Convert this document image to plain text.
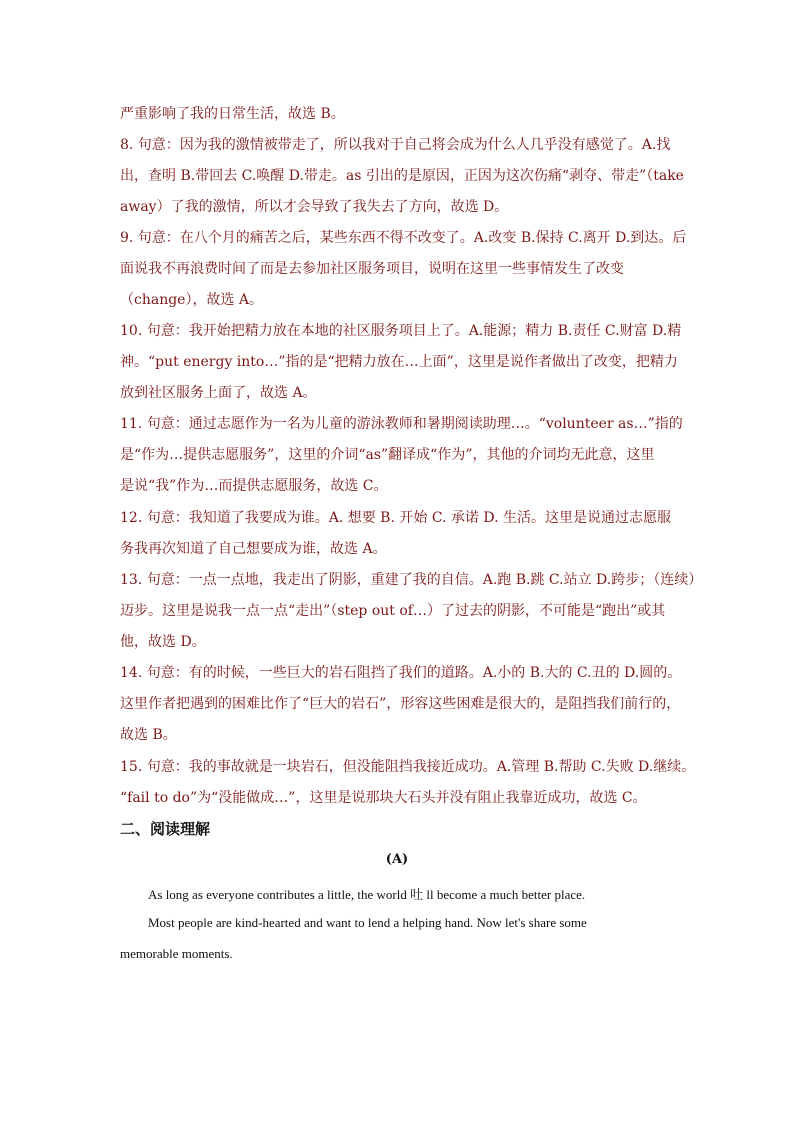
严重影响了我的日常生活，故选 B。
8. 句意：因为我的激情被带走了，所以我对于自己将会成为什么人几乎没有感觉了。A.找
出，查明 B.带回去 C.唤醒 D.带走。as 引出的是原因，正因为这次伤痛“剥夺、带走”（take
away）了我的激情，所以才会导致了我失去了方向，故选 D。
9. 句意：在八个月的痛苦之后，某些东西不得不改变了。A.改变 B.保持 C.离开 D.到达。后
面说我不再浪费时间了而是去参加社区服务项目，说明在这里一些事情发生了改变
（change），故选 A。
10. 句意：我开始把精力放在本地的社区服务项目上了。A.能源；精力 B.责任 C.财富 D.精
神。“put energy into…”指的是“把精力放在…上面”，这里是说作者做出了改变，把精力
放到社区服务上面了，故选 A。
11. 句意：通过志愿作为一名为儿童的游泳教师和暑期阅读助理…。“volunteer as…”指的
是“作为…提供志愿服务”，这里的介词“as”翻译成“作为”，其他的介词均无此意，这里
是说“我”作为…而提供志愿服务，故选 C。
12. 句意：我知道了我要成为谁。A. 想要 B. 开始 C. 承诺 D. 生活。这里是说通过志愿服
务我再次知道了自己想要成为谁，故选 A。
13. 句意：一点一点地，我走出了阴影，重建了我的自信。A.跑 B.跳 C.站立 D.跨步；（连续）
迈步。这里是说我一点一点“走出”（step out of…）了过去的阴影，不可能是“跑出”或其
他，故选 D。
14. 句意：有的时候，一些巨大的岩石阻挡了我们的道路。A.小的 B.大的 C.丑的 D.圆的。
这里作者把遇到的困难比作了“巨大的岩石”，形容这些困难是很大的，是阻挡我们前行的，
故选 B。
15. 句意：我的事故就是一块岩石，但没能阻挡我接近成功。A.管理 B.帮助 C.失败 D.继续。
“fail to do”为“没能做成…”，这里是说那块大石头并没有阻止我靠近成功，故选 C。
二、阅读理解
(A)
As long as everyone contributes a little, the world 吐 ll become a much better place.
Most people are kind-hearted and want to lend a helping hand. Now let's share some
memorable moments.
